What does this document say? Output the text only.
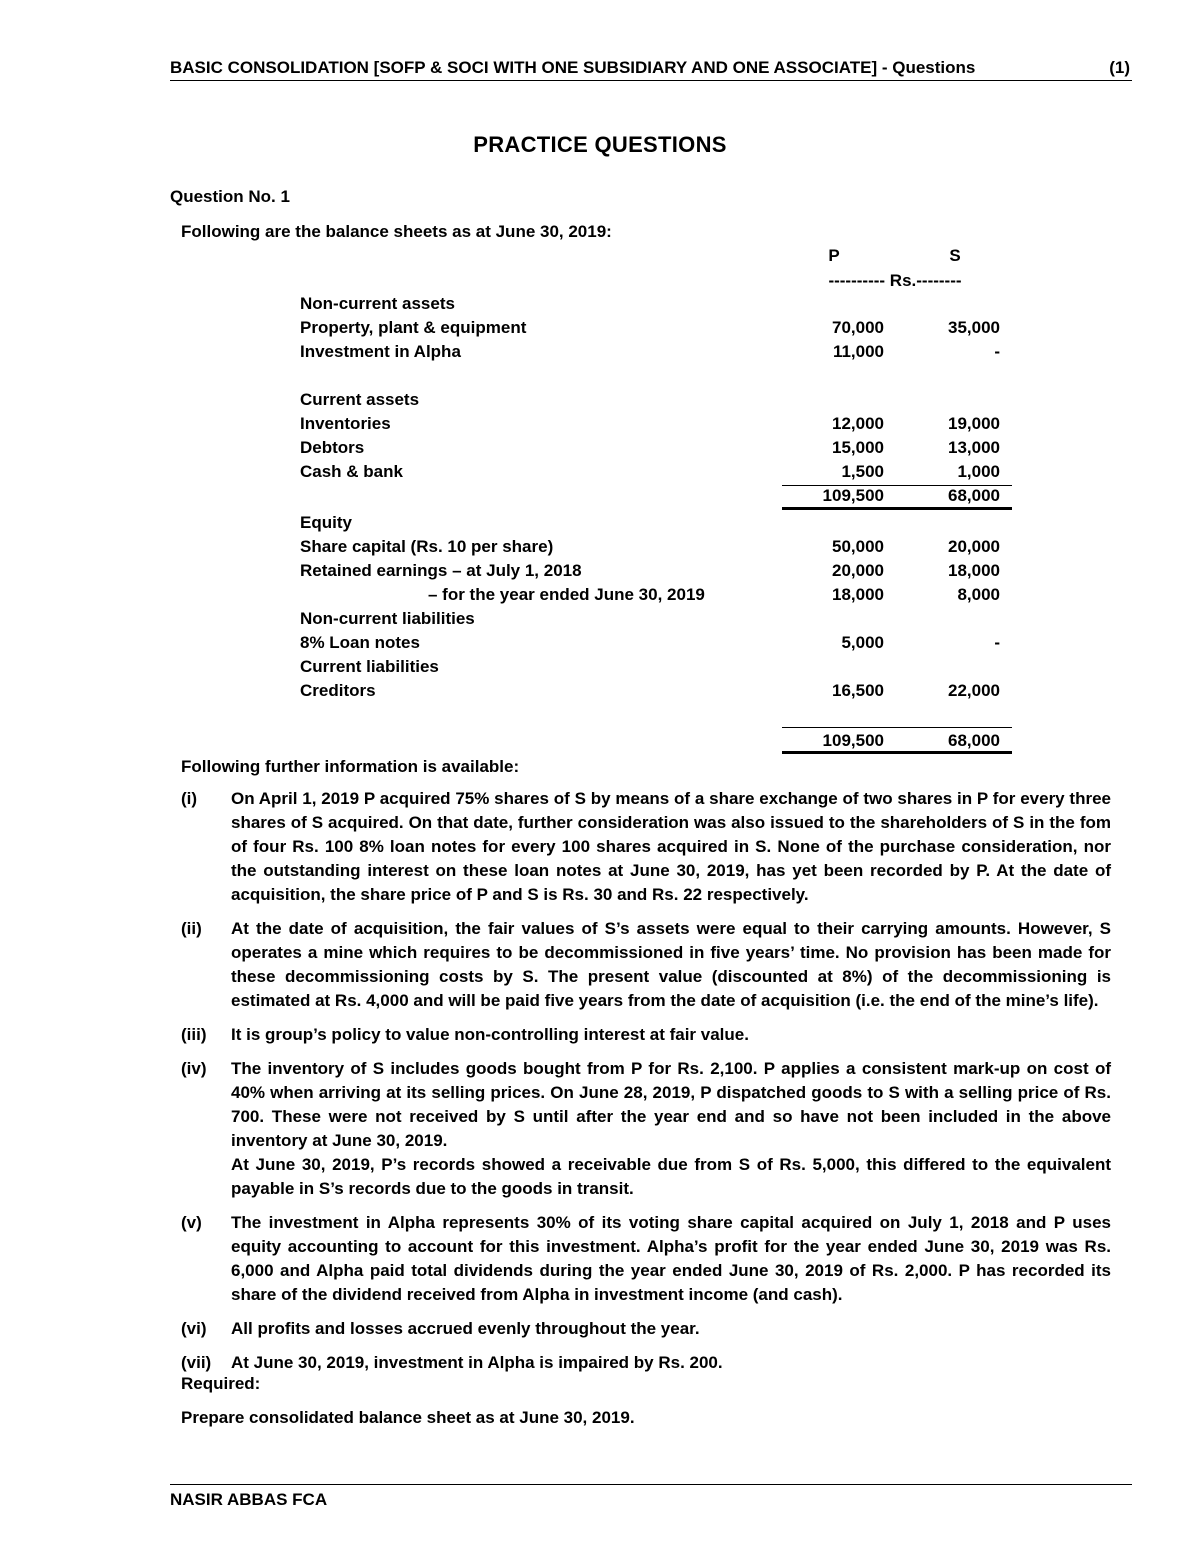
BASIC CONSOLIDATION [SOFP & SOCI WITH ONE SUBSIDIARY AND ONE ASSOCIATE] - Questions	(1)
PRACTICE QUESTIONS
Question No. 1
Following are the balance sheets as at June 30, 2019:
P	S
---------- Rs.--------
Non-current assets
Property, plant & equipment	70,000	35,000
Investment in Alpha	11,000	-
Current assets
Inventories	12,000	19,000
Debtors	15,000	13,000
Cash & bank	1,500	1,000
109,500	68,000
Equity
Share capital (Rs. 10 per share)	50,000	20,000
Retained earnings – at July 1, 2018	20,000	18,000
– for the year ended June 30, 2019	18,000	8,000
Non-current liabilities
8% Loan notes	5,000	-
Current liabilities
Creditors	16,500	22,000
109,500	68,000
Following further information is available:
(i) On April 1, 2019 P acquired 75% shares of S by means of a share exchange of two shares in P for every three shares of S acquired. On that date, further consideration was also issued to the shareholders of S in the fom of four Rs. 100 8% loan notes for every 100 shares acquired in S. None of the purchase consideration, nor the outstanding interest on these loan notes at June 30, 2019, has yet been recorded by P. At the date of acquisition, the share price of P and S is Rs. 30 and Rs. 22 respectively.

(ii) At the date of acquisition, the fair values of S’s assets were equal to their carrying amounts. However, S operates a mine which requires to be decommissioned in five years’ time. No provision has been made for these decommissioning costs by S. The present value (discounted at 8%) of the decommissioning is estimated at Rs. 4,000 and will be paid five years from the date of acquisition (i.e. the end of the mine’s life).

(iii) It is group’s policy to value non-controlling interest at fair value.

(iv) The inventory of S includes goods bought from P for Rs. 2,100. P applies a consistent mark-up on cost of 40% when arriving at its selling prices. On June 28, 2019, P dispatched goods to S with a selling price of Rs. 700. These were not received by S until after the year end and so have not been included in the above inventory at June 30, 2019.

At June 30, 2019, P’s records showed a receivable due from S of Rs. 5,000, this differed to the equivalent payable in S’s records due to the goods in transit.

(v) The investment in Alpha represents 30% of its voting share capital acquired on July 1, 2018 and P uses equity accounting to account for this investment. Alpha’s profit for the year ended June 30, 2019 was Rs. 6,000 and Alpha paid total dividends during the year ended June 30, 2019 of Rs. 2,000. P has recorded its share of the dividend received from Alpha in investment income (and cash).

(vi) All profits and losses accrued evenly throughout the year.

(vii) At June 30, 2019, investment in Alpha is impaired by Rs. 200.

Required:
Prepare consolidated balance sheet as at June 30, 2019.
NASIR ABBAS FCA
